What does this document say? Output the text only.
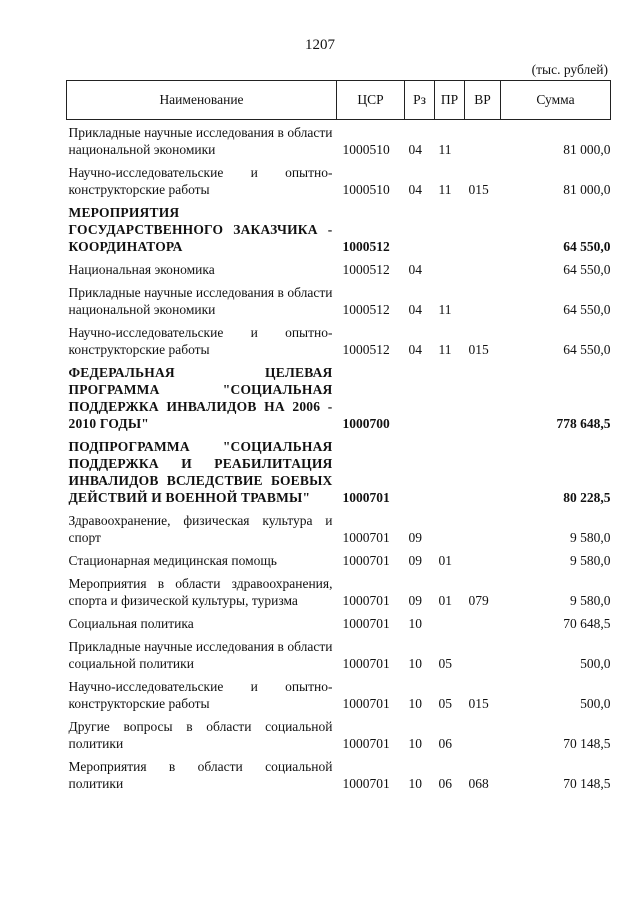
1207
(тыс. рублей)
Наименование	ЦСР	Рз	ПР	ВР	Сумма
Прикладные научные исследования в области национальной экономики	1000510	04	11		81 000,0
Научно-исследовательские и опытно-конструкторские работы	1000510	04	11	015	81 000,0
МЕРОПРИЯТИЯ ГОСУДАРСТВЕННОГО ЗАКАЗЧИКА - КООРДИНАТОРА	1000512				64 550,0
Национальная экономика	1000512	04			64 550,0
Прикладные научные исследования в области национальной экономики	1000512	04	11		64 550,0
Научно-исследовательские и опытно-конструкторские работы	1000512	04	11	015	64 550,0
ФЕДЕРАЛЬНАЯ ЦЕЛЕВАЯ ПРОГРАММА "СОЦИАЛЬНАЯ ПОДДЕРЖКА ИНВАЛИДОВ НА 2006 - 2010 ГОДЫ"	1000700				778 648,5
ПОДПРОГРАММА "СОЦИАЛЬНАЯ ПОДДЕРЖКА И РЕАБИЛИТАЦИЯ ИНВАЛИДОВ ВСЛЕДСТВИЕ БОЕВЫХ ДЕЙСТВИЙ И ВОЕННОЙ ТРАВМЫ"	1000701				80 228,5
Здравоохранение, физическая культура и спорт	1000701	09			9 580,0
Стационарная медицинская помощь	1000701	09	01		9 580,0
Мероприятия в области здравоохранения, спорта и физической культуры, туризма	1000701	09	01	079	9 580,0
Социальная политика	1000701	10			70 648,5
Прикладные научные исследования в области социальной политики	1000701	10	05		500,0
Научно-исследовательские и опытно-конструкторские работы	1000701	10	05	015	500,0
Другие вопросы в области социальной политики	1000701	10	06		70 148,5
Мероприятия в области социальной политики	1000701	10	06	068	70 148,5
